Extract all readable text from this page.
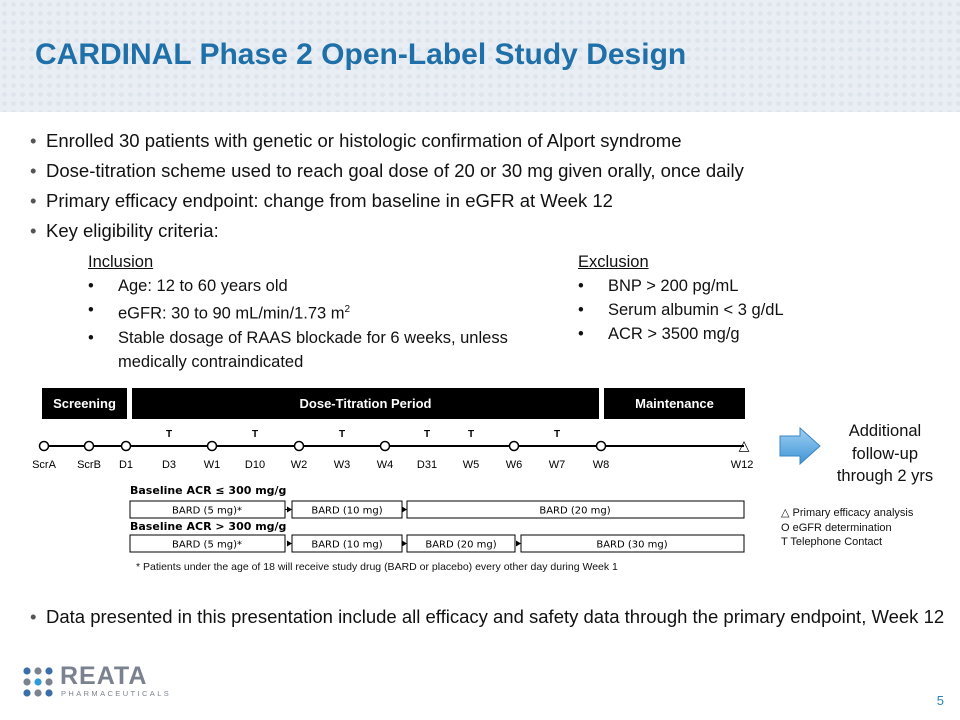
CARDINAL Phase 2 Open-Label Study Design
• Enrolled 30 patients with genetic or histologic confirmation of Alport syndrome
• Dose-titration scheme used to reach goal dose of 20 or 30 mg given orally, once daily
• Primary efficacy endpoint: change from baseline in eGFR at Week 12
• Key eligibility criteria:
Inclusion
• Age: 12 to 60 years old
• eGFR: 30 to 90 mL/min/1.73 $m^2$
• Stable dosage of RAAS blockade for 6 weeks, unless medically contraindicated
Exclusion
• BNP > 200 pg/mL
• Serum albumin < 3 g/dL
• ACR > 3500 mg/g
Screening	Dose-Titration Period	Maintenance
T	T	T	T	T	T
△
ScrA ScrB D1	D3	W1 D10 W2 W3 W4 D31 W5 W6 W7	W8	W12
Baseline ACR ≤ 300 mg/g
BARD (5 mg)*	BARD (10 mg)	BARD (20 mg)
Baseline ACR > 300 mg/g
BARD (5 mg)*	BARD (10 mg)	BARD (20 mg)	BARD (30 mg)
Additional follow-up through 2 yrs
△ Primary efficacy analysis
O eGFR determination
T Telephone Contact
* Patients under the age of 18 will receive study drug (BARD or placebo) every other day during Week 1
• Data presented in this presentation include all efficacy and safety data through the primary endpoint, Week 12
REATA
PHARMACEUTICALS	5
